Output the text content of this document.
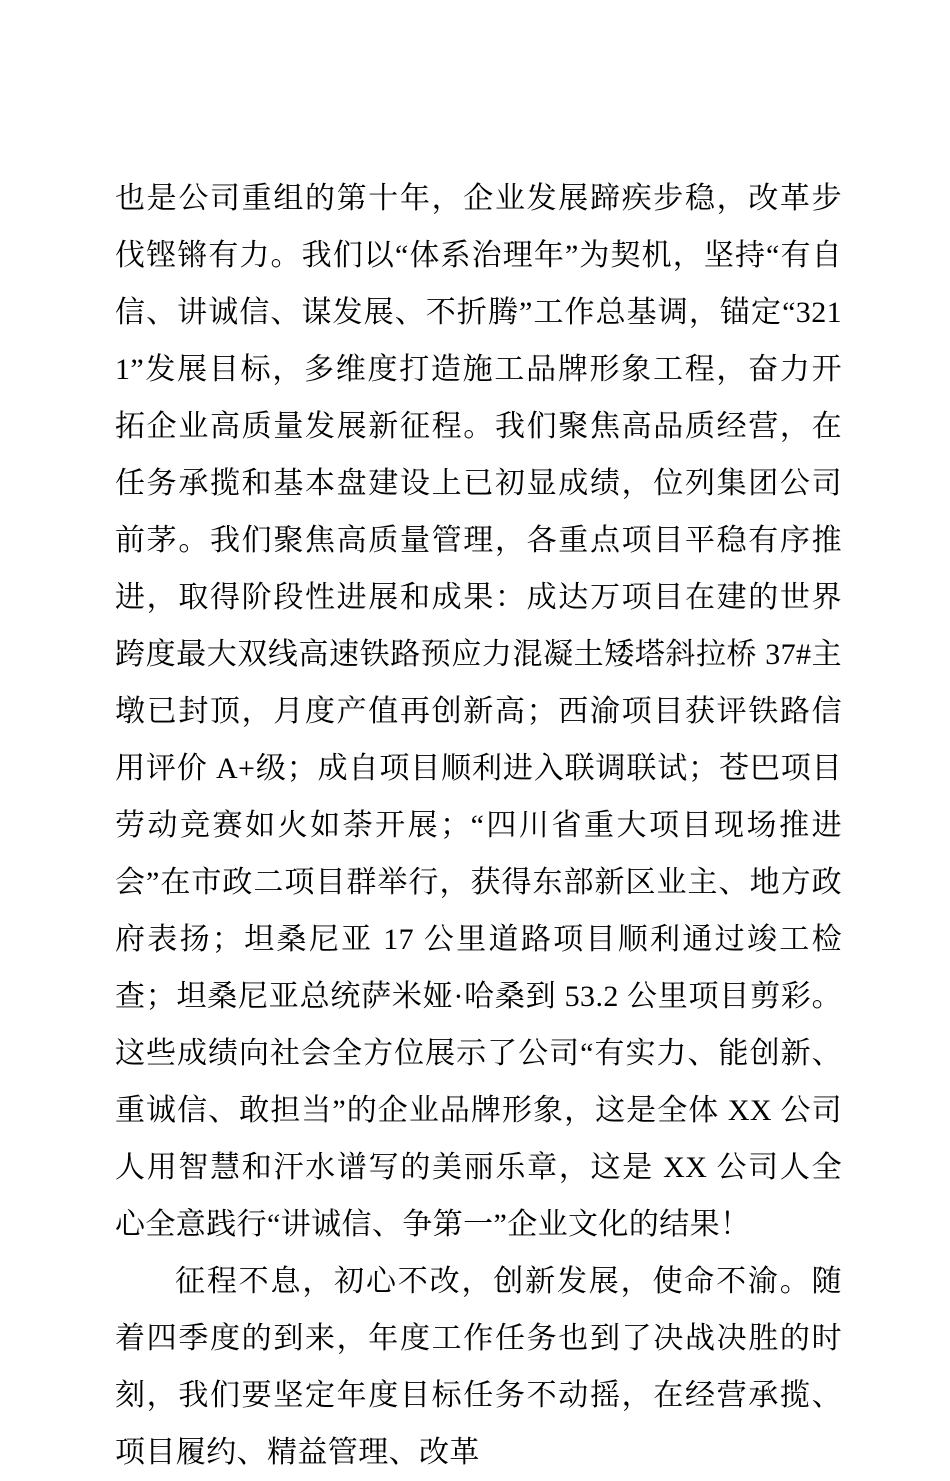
也是公司重组的第十年，企业发展蹄疾步稳，改革步伐铿锵有力。我们以“体系治理年”为契机，坚持“有自信、讲诚信、谋发展、不折腾”工作总基调，锚定“3211”发展目标，多维度打造施工品牌形象工程，奋力开拓企业高质量发展新征程。我们聚焦高品质经营，在任务承揽和基本盘建设上已初显成绩，位列集团公司前茅。我们聚焦高质量管理，各重点项目平稳有序推进，取得阶段性进展和成果：成达万项目在建的世界跨度最大双线高速铁路预应力混凝土矮塔斜拉桥 37#主墩已封顶，月度产值再创新高；西渝项目获评铁路信用评价 A+级；成自项目顺利进入联调联试；苍巴项目劳动竞赛如火如荼开展；“四川省重大项目现场推进会”在市政二项目群举行，获得东部新区业主、地方政府表扬；坦桑尼亚 17 公里道路项目顺利通过竣工检查；坦桑尼亚总统萨米娅·哈桑到 53.2 公里项目剪彩。这些成绩向社会全方位展示了公司“有实力、能创新、重诚信、敢担当”的企业品牌形象，这是全体 XX 公司人用智慧和汗水谱写的美丽乐章，这是 XX 公司人全心全意践行“讲诚信、争第一”企业文化的结果！

征程不息，初心不改，创新发展，使命不渝。随着四季度的到来，年度工作任务也到了决战决胜的时刻，我们要坚定年度目标任务不动摇，在经营承揽、项目履约、精益管理、改革
